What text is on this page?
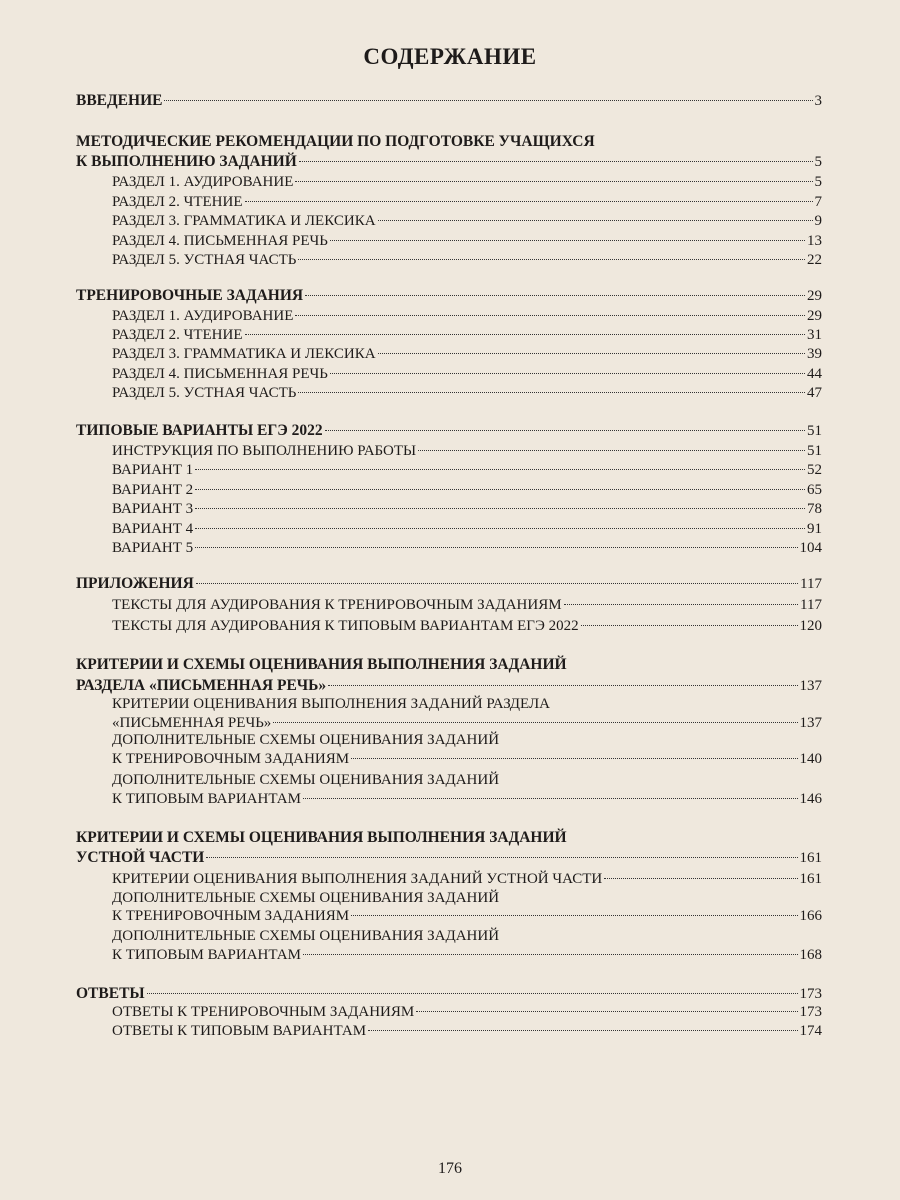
СОДЕРЖАНИЕ
ВВЕДЕНИЕ	3
МЕТОДИЧЕСКИЕ РЕКОМЕНДАЦИИ ПО ПОДГОТОВКЕ УЧАЩИХСЯ
К ВЫПОЛНЕНИЮ ЗАДАНИЙ	5
РАЗДЕЛ 1. АУДИРОВАНИЕ	5
РАЗДЕЛ 2. ЧТЕНИЕ	7
РАЗДЕЛ 3. ГРАММАТИКА И ЛЕКСИКА	9
РАЗДЕЛ 4. ПИСЬМЕННАЯ РЕЧЬ	13
РАЗДЕЛ 5. УСТНАЯ ЧАСТЬ	22
ТРЕНИРОВОЧНЫЕ ЗАДАНИЯ	29
РАЗДЕЛ 1. АУДИРОВАНИЕ	29
РАЗДЕЛ 2. ЧТЕНИЕ	31
РАЗДЕЛ 3. ГРАММАТИКА И ЛЕКСИКА	39
РАЗДЕЛ 4. ПИСЬМЕННАЯ РЕЧЬ	44
РАЗДЕЛ 5. УСТНАЯ ЧАСТЬ	47
ТИПОВЫЕ ВАРИАНТЫ ЕГЭ 2022	51
ИНСТРУКЦИЯ ПО ВЫПОЛНЕНИЮ РАБОТЫ	51
ВАРИАНТ 1	52
ВАРИАНТ 2	65
ВАРИАНТ 3	78
ВАРИАНТ 4	91
ВАРИАНТ 5	104
ПРИЛОЖЕНИЯ	117
ТЕКСТЫ ДЛЯ АУДИРОВАНИЯ К ТРЕНИРОВОЧНЫМ ЗАДАНИЯМ	117
ТЕКСТЫ ДЛЯ АУДИРОВАНИЯ К ТИПОВЫМ ВАРИАНТАМ ЕГЭ 2022	120
КРИТЕРИИ И СХЕМЫ ОЦЕНИВАНИЯ ВЫПОЛНЕНИЯ ЗАДАНИЙ
РАЗДЕЛА «ПИСЬМЕННАЯ РЕЧЬ»	137
КРИТЕРИИ ОЦЕНИВАНИЯ ВЫПОЛНЕНИЯ ЗАДАНИЙ РАЗДЕЛА
«ПИСЬМЕННАЯ РЕЧЬ»	137
ДОПОЛНИТЕЛЬНЫЕ СХЕМЫ ОЦЕНИВАНИЯ ЗАДАНИЙ
К ТРЕНИРОВОЧНЫМ ЗАДАНИЯМ	140
ДОПОЛНИТЕЛЬНЫЕ СХЕМЫ ОЦЕНИВАНИЯ ЗАДАНИЙ
К ТИПОВЫМ ВАРИАНТАМ	146
КРИТЕРИИ И СХЕМЫ ОЦЕНИВАНИЯ ВЫПОЛНЕНИЯ ЗАДАНИЙ
УСТНОЙ ЧАСТИ	161
КРИТЕРИИ ОЦЕНИВАНИЯ ВЫПОЛНЕНИЯ ЗАДАНИЙ УСТНОЙ ЧАСТИ	161
ДОПОЛНИТЕЛЬНЫЕ СХЕМЫ ОЦЕНИВАНИЯ ЗАДАНИЙ
К ТРЕНИРОВОЧНЫМ ЗАДАНИЯМ	166
ДОПОЛНИТЕЛЬНЫЕ СХЕМЫ ОЦЕНИВАНИЯ ЗАДАНИЙ
К ТИПОВЫМ ВАРИАНТАМ	168
ОТВЕТЫ	173
ОТВЕТЫ К ТРЕНИРОВОЧНЫМ ЗАДАНИЯМ	173
ОТВЕТЫ К ТИПОВЫМ ВАРИАНТАМ	174
176
